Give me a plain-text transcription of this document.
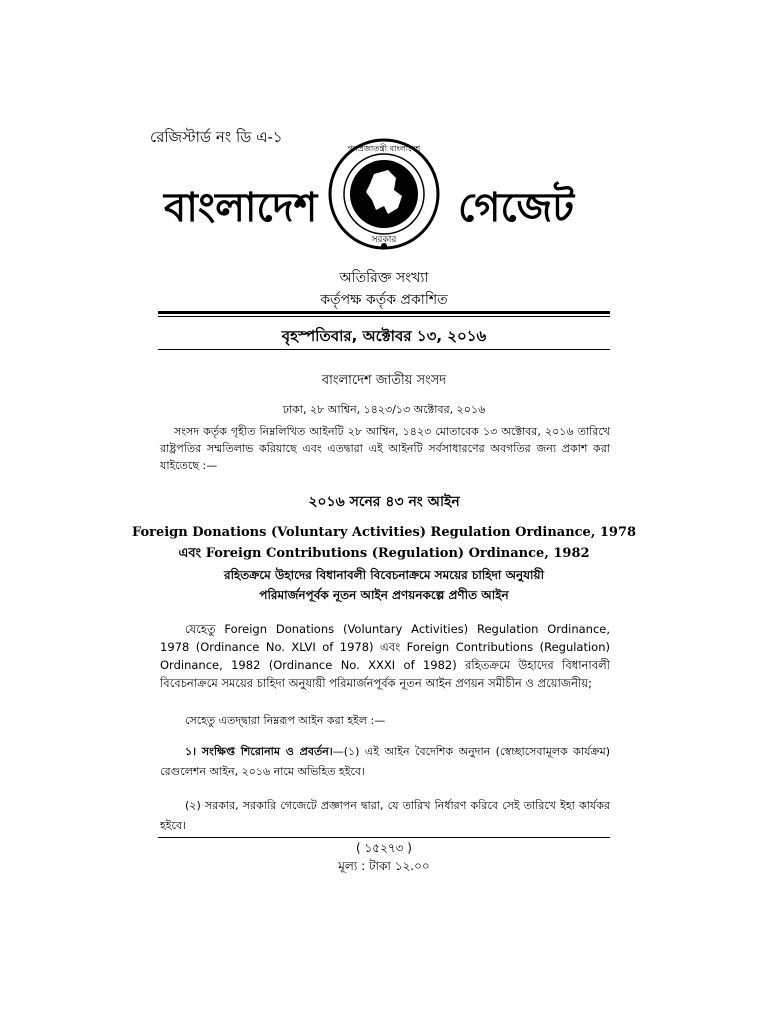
রেজিস্টার্ড নং ডি এ-১
বাংলাদেশ
গণপ্রজাতন্ত্রী বাংলাদেশ
সরকার
গেজেট
অতিরিক্ত সংখ্যা
কর্তৃপক্ষ কর্তৃক প্রকাশিত
বৃহস্পতিবার, অক্টোবর ১৩, ২০১৬
বাংলাদেশ জাতীয় সংসদ
ঢাকা, ২৮ আশ্বিন, ১৪২৩/১৩ অক্টোবর, ২০১৬
সংসদ কর্তৃক গৃহীত নিম্নলিখিত আইনটি ২৮ আশ্বিন, ১৪২৩ মোতাবেক ১৩ অক্টোবর, ২০১৬ তারিখে রাষ্ট্রপতির সম্মতিলাভ করিয়াছে এবং এতদ্বারা এই আইনটি সর্বসাধারণের অবগতির জন্য প্রকাশ করা যাইতেছে :—
২০১৬ সনের ৪৩ নং আইন
Foreign Donations (Voluntary Activities) Regulation Ordinance, 1978
এবং Foreign Contributions (Regulation) Ordinance, 1982
রহিতক্রমে উহাদের বিধানাবলী বিবেচনাক্রমে সময়ের চাহিদা অনুযায়ী
পরিমার্জনপূর্বক নূতন আইন প্রণয়নকল্পে প্রণীত আইন
যেহেতু Foreign Donations (Voluntary Activities) Regulation Ordinance, 1978 (Ordinance No. XLVI of 1978) এবং Foreign Contributions (Regulation) Ordinance, 1982 (Ordinance No. XXXI of 1982) রহিতক্রমে উহাদের বিধানাবলী বিবেচনাক্রমে সময়ের চাহিদা অনুযায়ী পরিমার্জনপূর্বক নূতন আইন প্রণয়ন সমীচীন ও প্রয়োজনীয়;
সেহেতু এতদ্দ্বারা নিম্নরূপ আইন করা হইল :—
১। সংক্ষিপ্ত শিরোনাম ও প্রবর্তন।—(১) এই আইন বৈদেশিক অনুদান (স্বেচ্ছাসেবামূলক কার্যক্রম) রেগুলেশন আইন, ২০১৬ নামে অভিহিত হইবে।
(২) সরকার, সরকারি গেজেটে প্রজ্ঞাপন দ্বারা, যে তারিখ নির্ধারণ করিবে সেই তারিখে ইহা কার্যকর হইবে।
( ১৫২৭৩ )
মূল্য : টাকা ১২.০০
